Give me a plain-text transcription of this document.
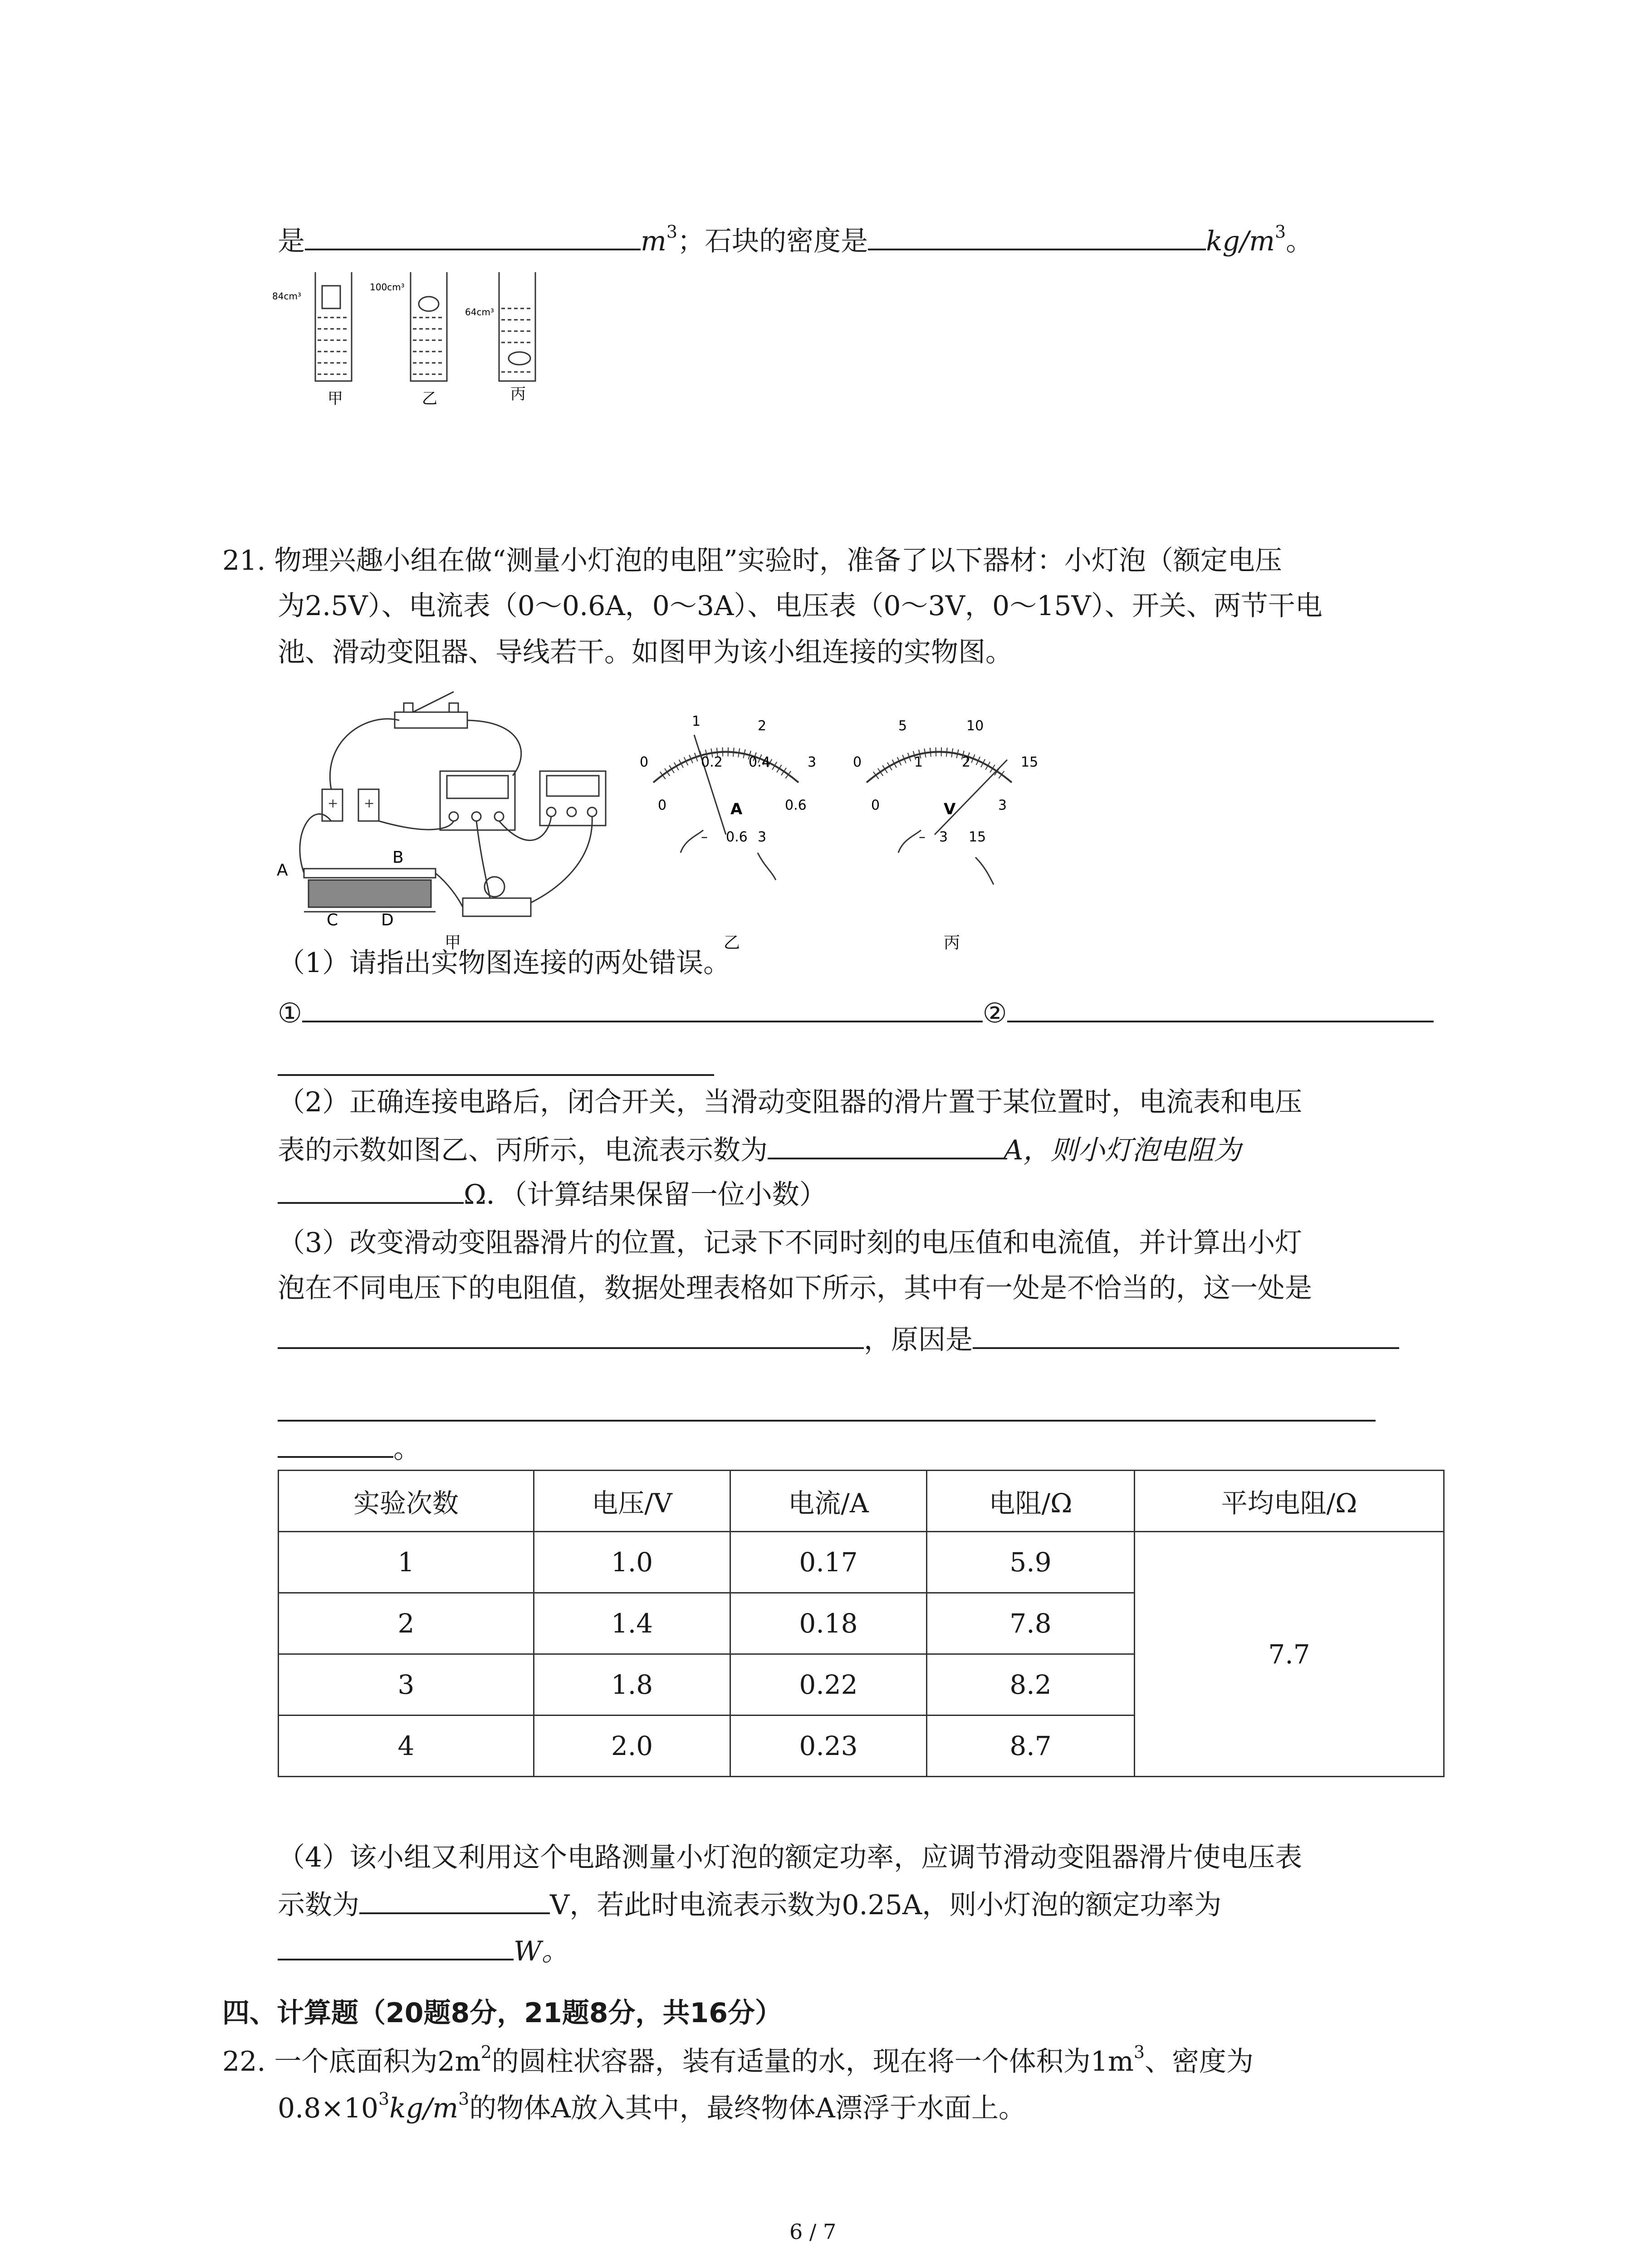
是	$m^3$；石块的密度是	$kg/m^3$。
84cm³
100cm³
64cm³
甲	乙	丙
21. 物理兴趣小组在做“测量小灯泡的电阻”实验时，准备了以下器材：小灯泡（额定电压
为2.5V）、电流表（0～0.6A，0～3A）、电压表（0～3V，0～15V）、开关、两节干电
池、滑动变阻器、导线若干。如图甲为该小组连接的实物图。
+ +
A
B
C	D
甲
0
1	2
3
0
0.2 0.4
0.6
A
– 0.6 3
乙
0
5	10
15
0
1	2
3
V
– 3 15
丙
（1）请指出实物图连接的两处错误。
①	②
（2）正确连接电路后，闭合开关，当滑动变阻器的滑片置于某位置时，电流表和电压
表的示数如图乙、丙所示，电流表示数为	A，则小灯泡电阻为
Ω．（计算结果保留一位小数）
（3）改变滑动变阻器滑片的位置，记录下不同时刻的电压值和电流值，并计算出小灯
泡在不同电压下的电阻值，数据处理表格如下所示，其中有一处是不恰当的，这一处是
，原因是
。
实验次数	电压/V	电流/A	电阻/Ω	平均电阻/Ω
1	1.0	0.17	5.9	7.7
2	1.4	0.18	7.8	
3	1.8	0.22	8.2	
4	2.0	0.23	8.7	
（4）该小组又利用这个电路测量小灯泡的额定功率，应调节滑动变阻器滑片使电压表
示数为	V，若此时电流表示数为0.25A，则小灯泡的额定功率为
W。
四、计算题（20题8分，21题8分，共16分）
22. 一个底面积为$2m^2$的圆柱状容器，装有适量的水，现在将一个体积为$1m^3$、密度为
$0.8\times 10^3kg/m^3$的物体A放入其中，最终物体A漂浮于水面上。
6 / 7
